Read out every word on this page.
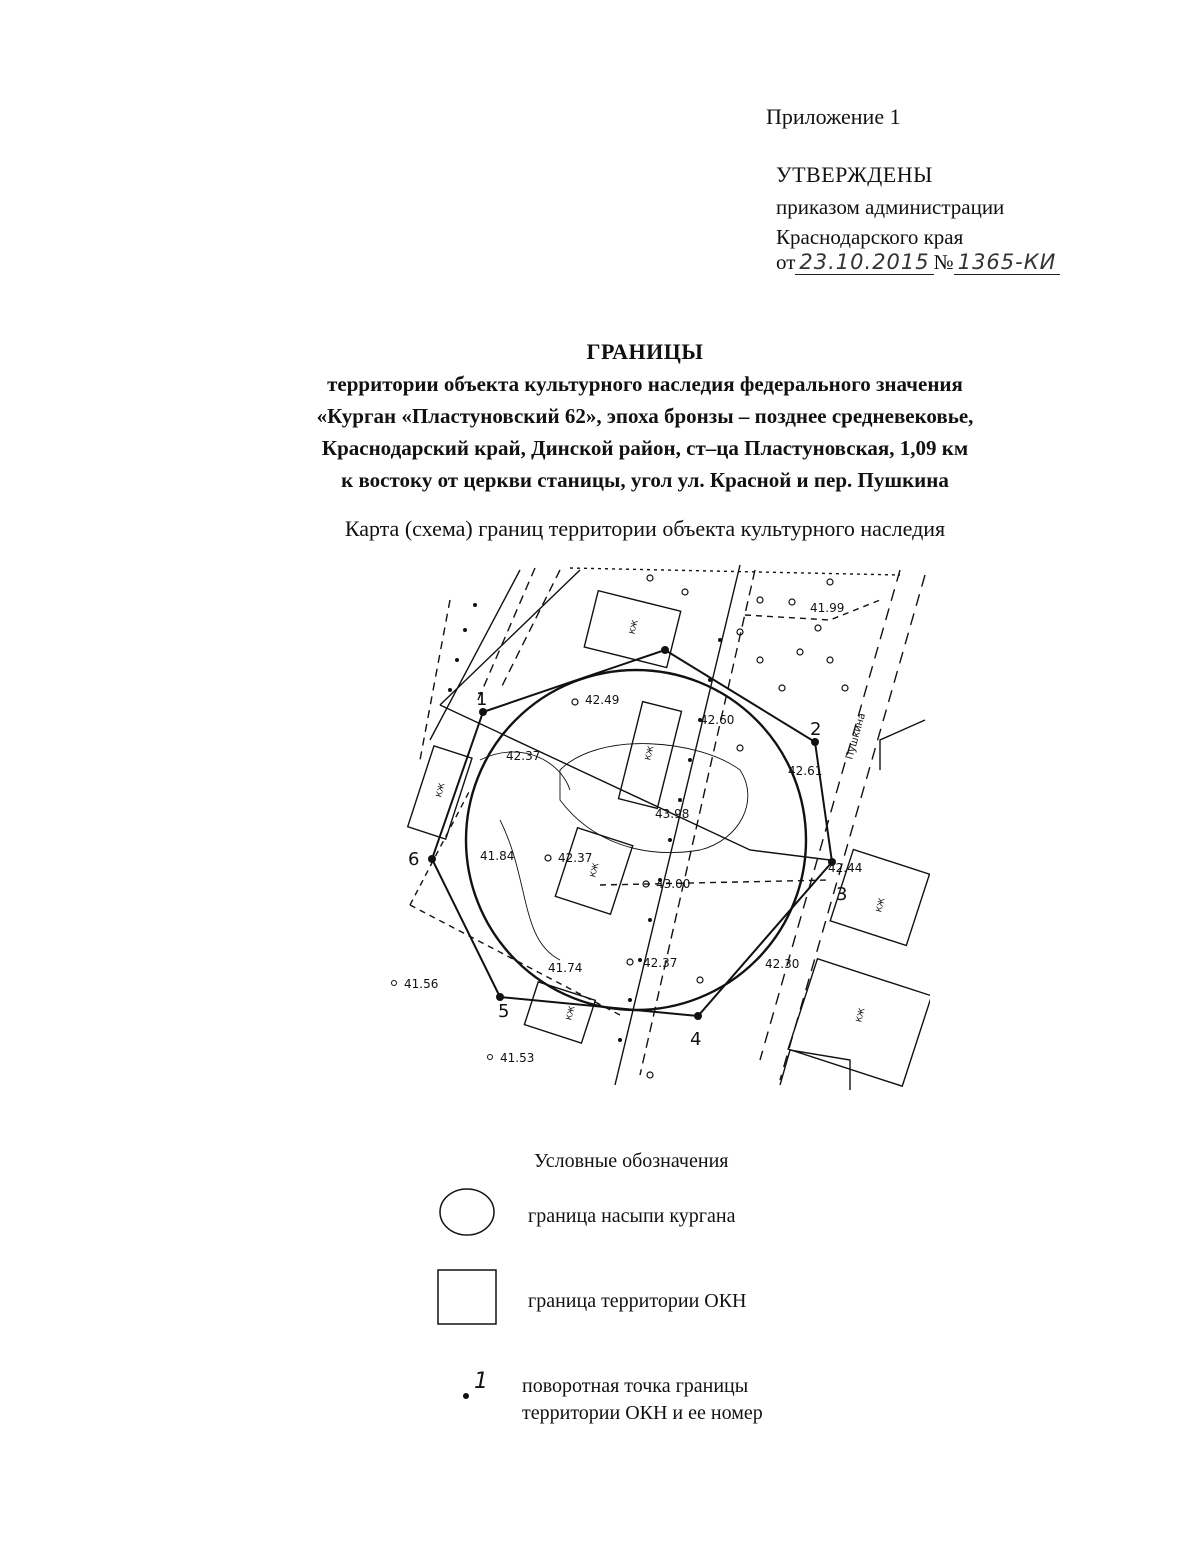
Приложение 1
УТВЕРЖДЕНЫ
приказом администрации
Краснодарского края
от 23.10.2015 № 1365-КИ
ГРАНИЦЫ
территории объекта культурного наследия федерального значения
«Курган «Пластуновский 62», эпоха бронзы – позднее средневековье,
Краснодарский край, Динской район, ст–ца Пластуновская, 1,09 км
к востоку от церкви станицы, угол ул. Красной и пер. Пушкина
Карта (схема) границ территории объекта культурного наследия
1
2
3
4
5
6
41.99
42.49
42.60
42.37
42.61
43.98
41.84	42.37
43.00
42.44
42.30
41.74	42.37
41.56
41.53
КЖ
КЖ
КЖ
КЖ
КЖ
КЖ
КЖ
Пушкина
Условные обозначения
граница насыпи кургана
граница территории ОКН
1 поворотная точка границы
территории ОКН и ее номер
